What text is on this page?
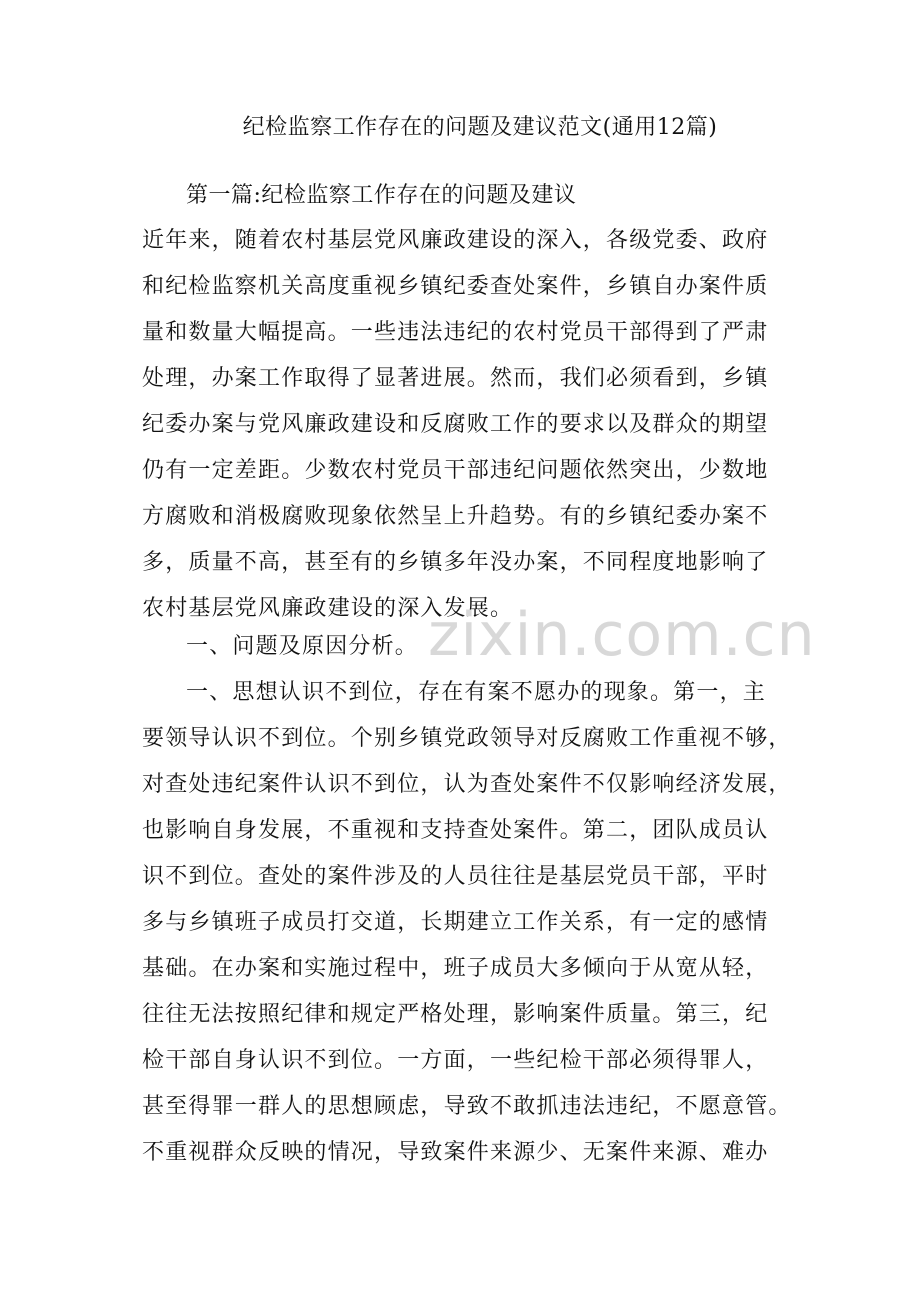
纪检监察工作存在的问题及建议范文(通用12篇)
第一篇:纪检监察工作存在的问题及建议
近年来，随着农村基层党风廉政建设的深入，各级党委、政府
和纪检监察机关高度重视乡镇纪委查处案件，乡镇自办案件质
量和数量大幅提高。一些违法违纪的农村党员干部得到了严肃
处理，办案工作取得了显著进展。然而，我们必须看到，乡镇
纪委办案与党风廉政建设和反腐败工作的要求以及群众的期望
仍有一定差距。少数农村党员干部违纪问题依然突出，少数地
方腐败和消极腐败现象依然呈上升趋势。有的乡镇纪委办案不
多，质量不高，甚至有的乡镇多年没办案，不同程度地影响了
农村基层党风廉政建设的深入发展。
一、问题及原因分析。
一、思想认识不到位，存在有案不愿办的现象。第一，主
要领导认识不到位。个别乡镇党政领导对反腐败工作重视不够，
对查处违纪案件认识不到位，认为查处案件不仅影响经济发展，
也影响自身发展，不重视和支持查处案件。第二，团队成员认
识不到位。查处的案件涉及的人员往往是基层党员干部，平时
多与乡镇班子成员打交道，长期建立工作关系，有一定的感情
基础。在办案和实施过程中，班子成员大多倾向于从宽从轻，
往往无法按照纪律和规定严格处理，影响案件质量。第三，纪
检干部自身认识不到位。一方面，一些纪检干部必须得罪人，
甚至得罪一群人的思想顾虑，导致不敢抓违法违纪，不愿意管。
不重视群众反映的情况，导致案件来源少、无案件来源、难办
zixin.com.cn
